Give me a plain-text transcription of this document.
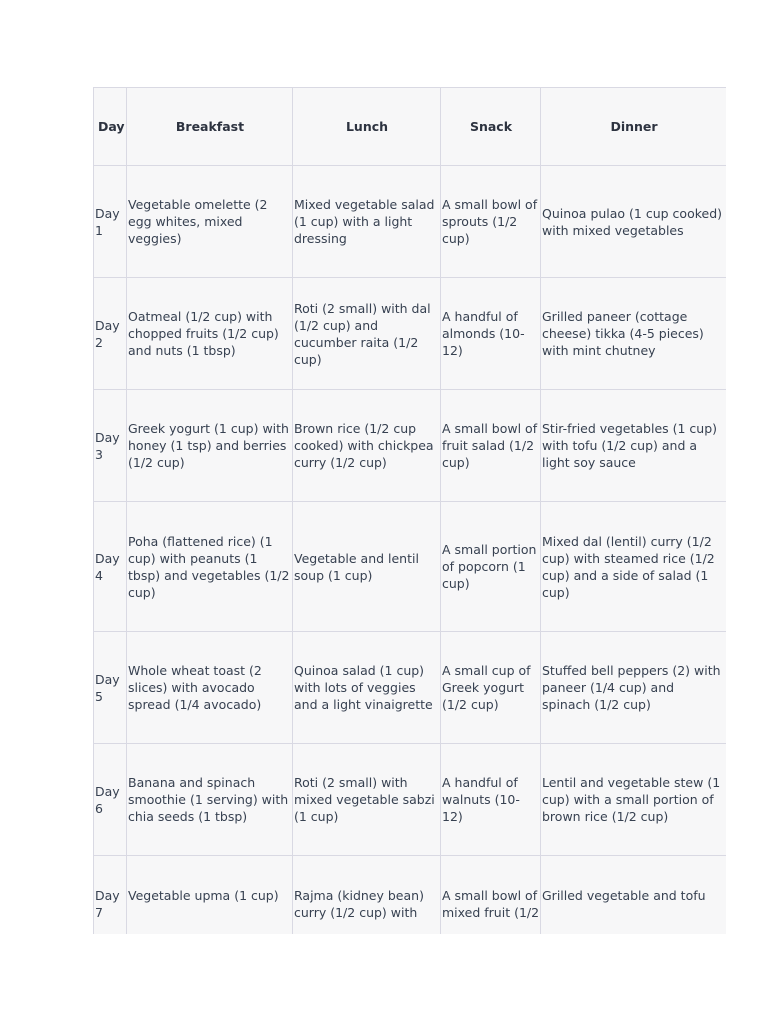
Day	Breakfast	Lunch	Snack	Dinner
Day 1	Vegetable omelette (2 egg whites, mixed veggies)	Mixed vegetable salad (1 cup) with a light dressing	A small bowl of sprouts (1/2 cup)	Quinoa pulao (1 cup cooked) with mixed vegetables
Day 2	Oatmeal (1/2 cup) with chopped fruits (1/2 cup) and nuts (1 tbsp)	Roti (2 small) with dal (1/2 cup) and cucumber raita (1/2 cup)	A handful of almonds (10-12)	Grilled paneer (cottage cheese) tikka (4-5 pieces) with mint chutney
Day 3	Greek yogurt (1 cup) with honey (1 tsp) and berries (1/2 cup)	Brown rice (1/2 cup cooked) with chickpea curry (1/2 cup)	A small bowl of fruit salad (1/2 cup)	Stir-fried vegetables (1 cup) with tofu (1/2 cup) and a light soy sauce
Day 4	Poha (flattened rice) (1 cup) with peanuts (1 tbsp) and vegetables (1/2 cup)	Vegetable and lentil soup (1 cup)	A small portion of popcorn (1 cup)	Mixed dal (lentil) curry (1/2 cup) with steamed rice (1/2 cup) and a side of salad (1 cup)
Day 5	Whole wheat toast (2 slices) with avocado spread (1/4 avocado)	Quinoa salad (1 cup) with lots of veggies and a light vinaigrette	A small cup of Greek yogurt (1/2 cup)	Stuffed bell peppers (2) with paneer (1/4 cup) and spinach (1/2 cup)
Day 6	Banana and spinach smoothie (1 serving) with chia seeds (1 tbsp)	Roti (2 small) with mixed vegetable sabzi (1 cup)	A handful of walnuts (10-12)	Lentil and vegetable stew (1 cup) with a small portion of brown rice (1/2 cup)
Day 7	Vegetable upma (1 cup)	Rajma (kidney bean) curry (1/2 cup) with	A small bowl of mixed fruit (1/2	Grilled vegetable and tofu
